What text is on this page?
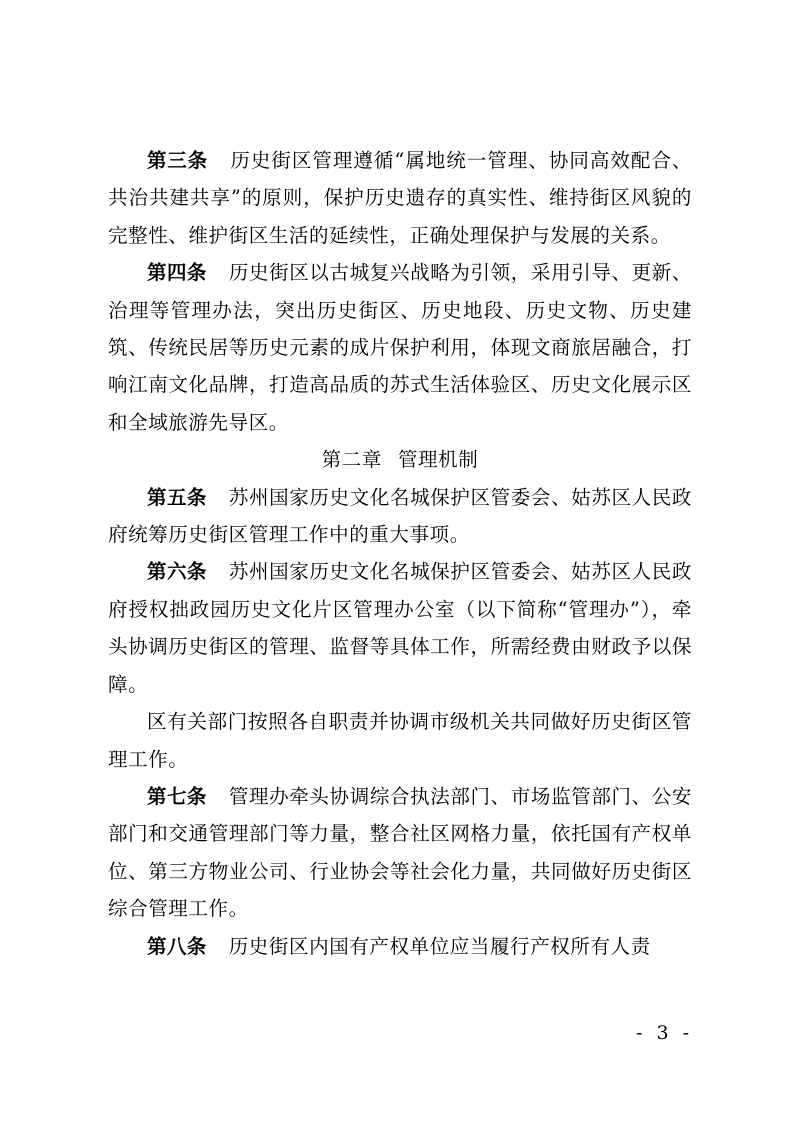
第三条 历史街区管理遵循“属地统一管理、协同高效配合、共治共建共享”的原则，保护历史遗存的真实性、维持街区风貌的完整性、维护街区生活的延续性，正确处理保护与发展的关系。

第四条 历史街区以古城复兴战略为引领，采用引导、更新、治理等管理办法，突出历史街区、历史地段、历史文物、历史建筑、传统民居等历史元素的成片保护利用，体现文商旅居融合，打响江南文化品牌，打造高品质的苏式生活体验区、历史文化展示区和全域旅游先导区。

第二章 管理机制

第五条 苏州国家历史文化名城保护区管委会、姑苏区人民政府统筹历史街区管理工作中的重大事项。

第六条 苏州国家历史文化名城保护区管委会、姑苏区人民政府授权拙政园历史文化片区管理办公室（以下简称“管理办”），牵头协调历史街区的管理、监督等具体工作，所需经费由财政予以保障。

区有关部门按照各自职责并协调市级机关共同做好历史街区管理工作。

第七条 管理办牵头协调综合执法部门、市场监管部门、公安部门和交通管理部门等力量，整合社区网格力量，依托国有产权单位、第三方物业公司、行业协会等社会化力量，共同做好历史街区综合管理工作。

第八条 历史街区内国有产权单位应当履行产权所有人责

- 3 -
